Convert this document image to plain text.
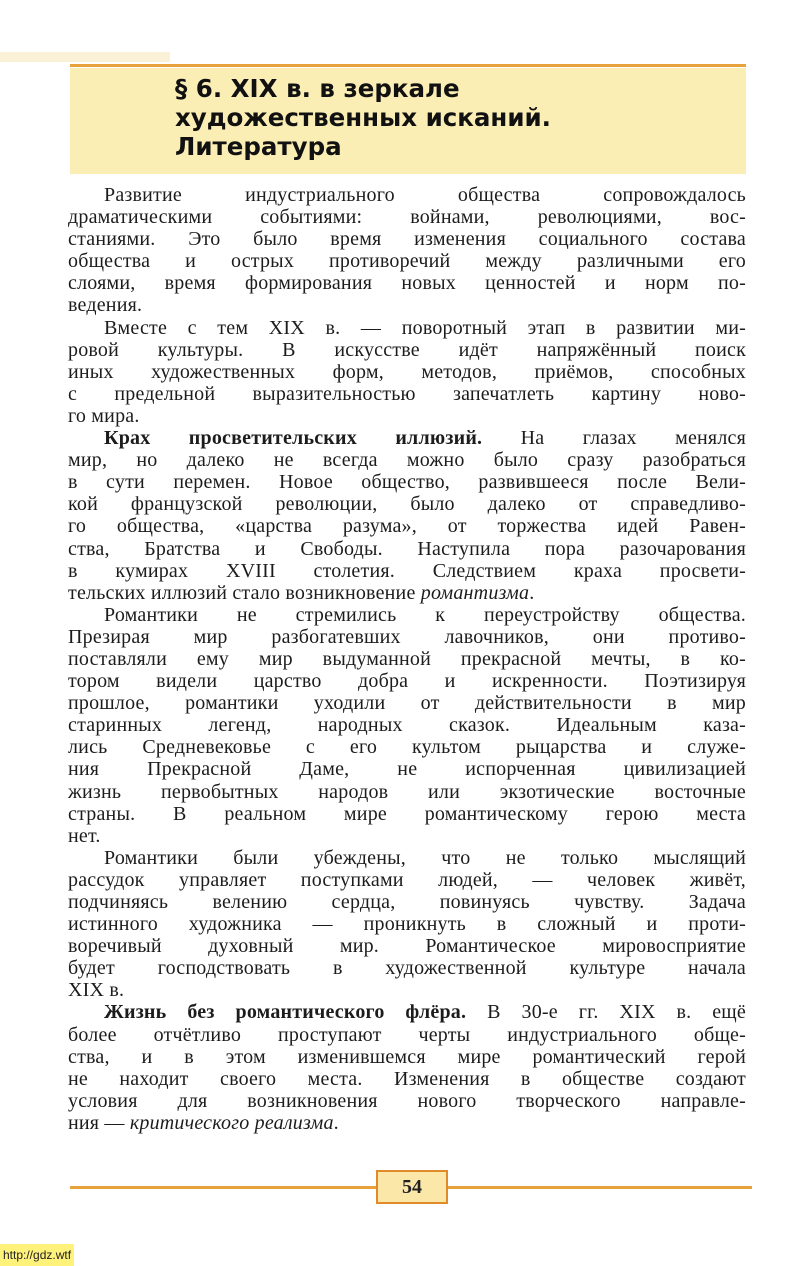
§ 6. XIX в. в зеркале
художественных исканий.
Литература

Развитие индустриального общества сопровождалось

драматическими событиями: войнами, революциями, вос-

станиями. Это было время изменения социального состава

общества и острых противоречий между различными его

слоями, время формирования новых ценностей и норм по-

ведения.

Вместе с тем XIX в. — поворотный этап в развитии ми-

ровой культуры. В искусстве идёт напряжённый поиск

иных художественных форм, методов, приёмов, способных

с предельной выразительностью запечатлеть картину ново-

го мира.

Крах просветительских иллюзий. На глазах менялся

мир, но далеко не всегда можно было сразу разобраться

в сути перемен. Новое общество, развившееся после Вели-

кой французской революции, было далеко от справедливо-

го общества, «царства разума», от торжества идей Равен-

ства, Братства и Свободы. Наступила пора разочарования

в кумирах XVIII столетия. Следствием краха просвети-

тельских иллюзий стало возникновение романтизма.

Романтики не стремились к переустройству общества.

Презирая мир разбогатевших лавочников, они противо-

поставляли ему мир выдуманной прекрасной мечты, в ко-

тором видели царство добра и искренности. Поэтизируя

прошлое, романтики уходили от действительности в мир

старинных легенд, народных сказок. Идеальным каза-

лись Средневековье с его культом рыцарства и служе-

ния Прекрасной Даме, не испорченная цивилизацией

жизнь первобытных народов или экзотические восточные

страны. В реальном мире романтическому герою места

нет.

Романтики были убеждены, что не только мыслящий

рассудок управляет поступками людей, — человек живёт,

подчиняясь велению сердца, повинуясь чувству. Задача

истинного художника — проникнуть в сложный и проти-

воречивый духовный мир. Романтическое мировосприятие

будет господствовать в художественной культуре начала

XIX в.

Жизнь без романтического флёра. В 30-е гг. XIX в. ещё

более отчётливо проступают черты индустриального обще-

ства, и в этом изменившемся мире романтический герой

не находит своего места. Изменения в обществе создают

условия для возникновения нового творческого направле-

ния — критического реализма.

54
http://gdz.wtf
